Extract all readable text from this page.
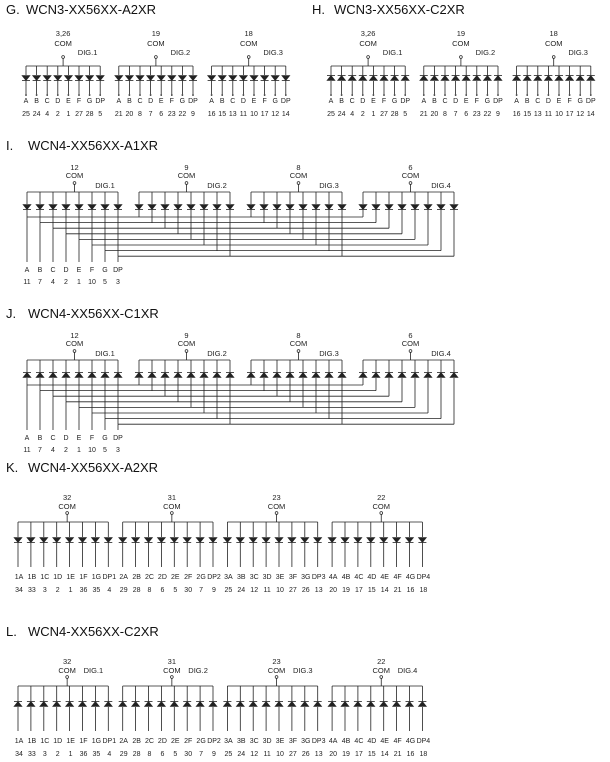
G. WCN3-XX56XX-A2XR	H. WCN3-XX56XX-C2XR
I. WCN4-XX56XX-A1XR
J. WCN4-XX56XX-C1XR
K. WCN4-XX56XX-A2XR
L. WCN4-XX56XX-C2XR
3,26
COM
DIG.1
A
25
B
24
C
4
D
2
E
1
F
27
G
28
DP
5
19
COM
DIG.2
A
21
B
20
C
8
D
7
E
6
F
23
G
22
DP
9
18
COM
DIG.3
A
16
B
15
C
13
D
11
E
10
F
17
G
12
DP
14
3,26
COM
DIG.1
A
25
B
24
C
4
D
2
E
1
F
27
G
28
DP
5
19
COM
DIG.2
A
21
B
20
C
8
D
7
E
6
F
23
G
22
DP
9
18
COM
DIG.3
A
16
B
15
C
13
D
11
E
10
F
17
G
12
DP
14
12
COM
DIG.1
9
COM
DIG.2
8
COM
DIG.3
6
COM
DIG.4
A
11
B
7
C
4
D
2
E
1
F
10
G
5
DP
3
12
COM
DIG.1
9
COM
DIG.2
8
COM
DIG.3
6
COM
DIG.4
A
11
B
7
C
4
D
2
E
1
F
10
G
5
DP
3
32
COM
1A
34
1B
33
1C
3
1D
2
1E
1
1F
36
1G
35
DP1
4
31
COM
2A
29
2B
28
2C
8
2D
6
2E
5
2F
30
2G
7
DP2
9
23
COM
3A
25
3B
24
3C
12
3D
11
3E
10
3F
27
3G
26
DP3
13
22
COM
4A
20
4B
19
4C
17
4D
15
4E
14
4F
21
4G
16
DP4
18
32
COM DIG.1
1A
34
1B
33
1C
3
1D
2
1E
1
1F
36
1G
35
DP1
4
31
COM DIG.2
2A
29
2B
28
2C
8
2D
6
2E
5
2F
30
2G
7
DP2
9
23
COM DIG.3
3A
25
3B
24
3C
12
3D
11
3E
10
3F
27
3G
26
DP3
13
22
COM DIG.4
4A
20
4B
19
4C
17
4D
15
4E
14
4F
21
4G
16
DP4
18
